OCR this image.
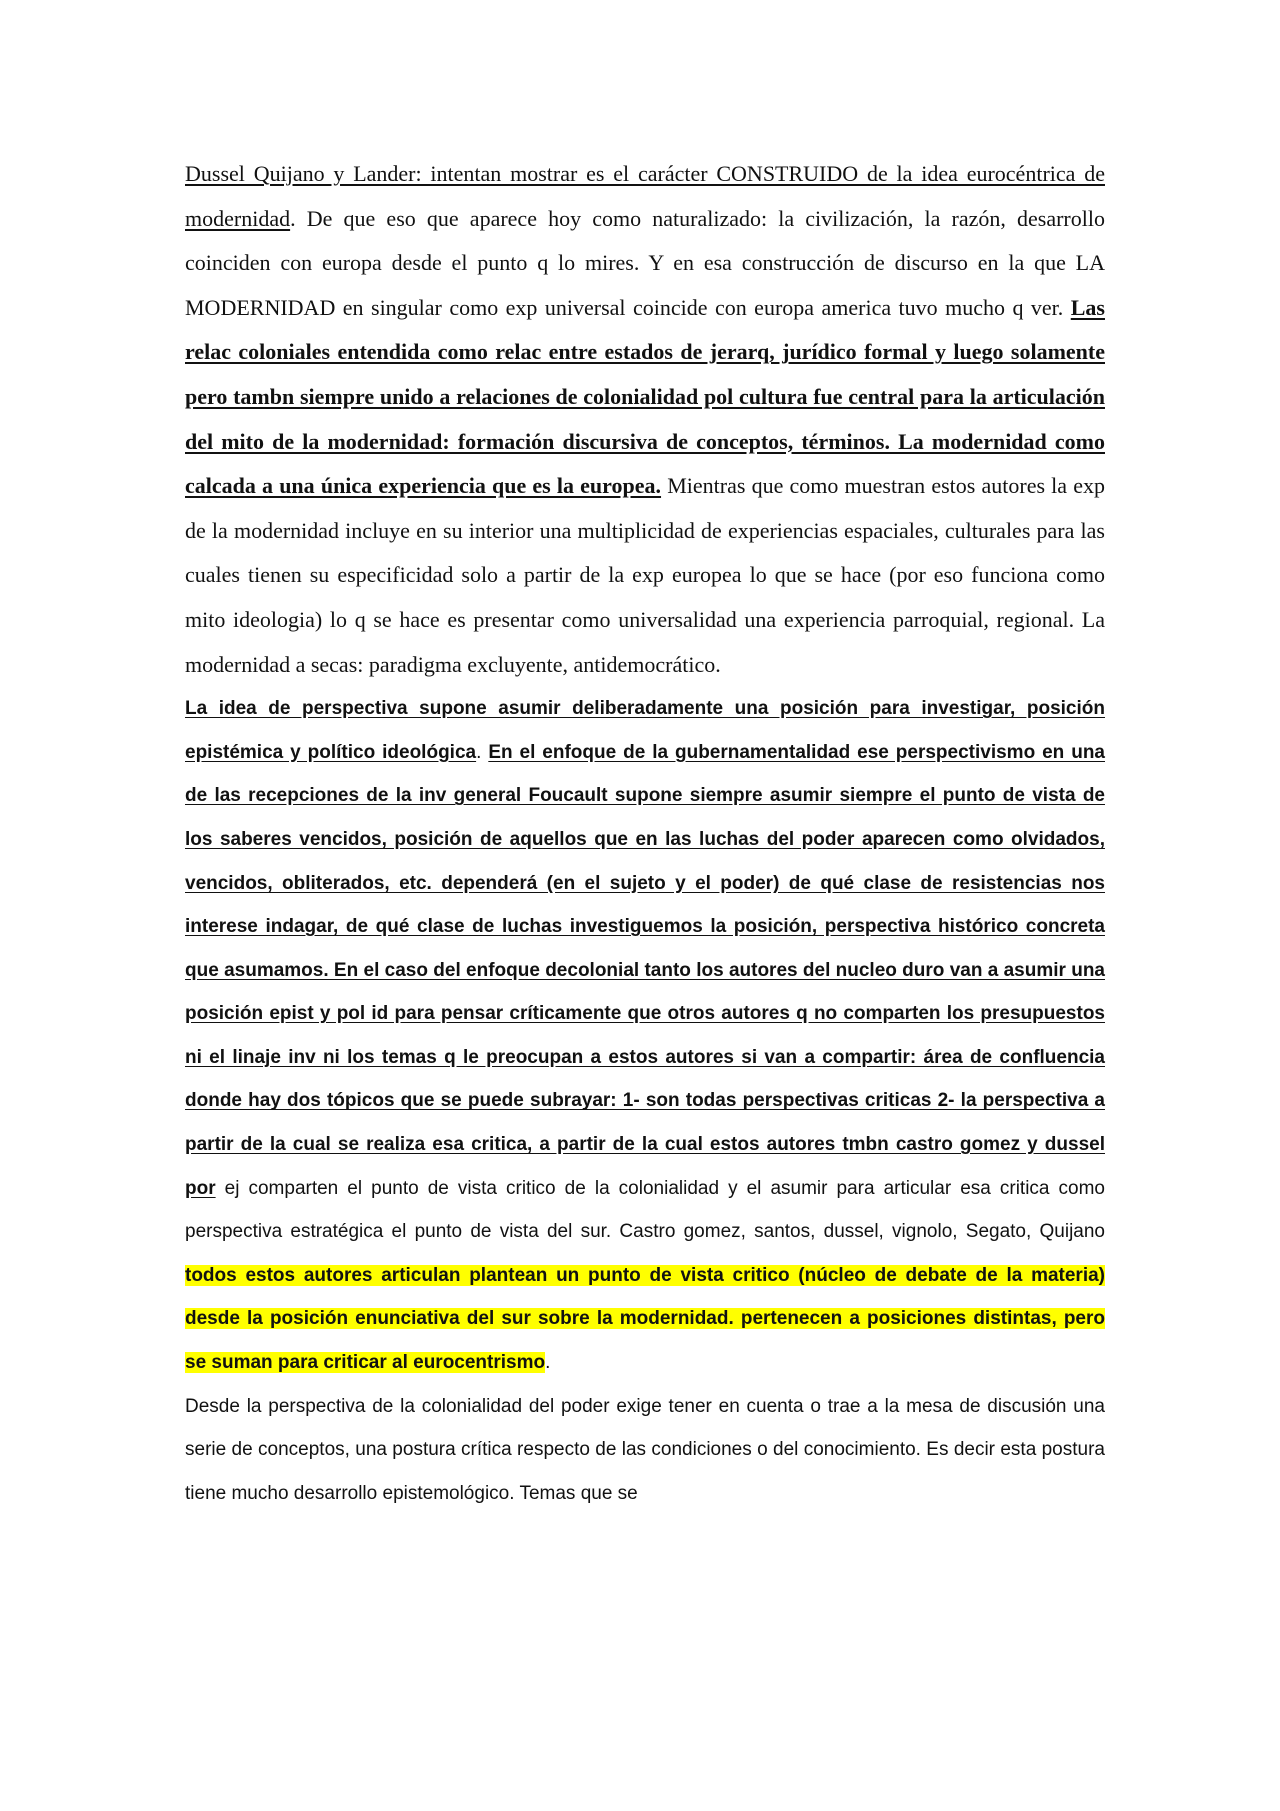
Dussel Quijano y Lander: intentan mostrar es el carácter CONSTRUIDO de la idea eurocéntrica de modernidad. De que eso que aparece hoy como naturalizado: la civilización, la razón, desarrollo coinciden con europa desde el punto q lo mires. Y en esa construcción de discurso en la que LA MODERNIDAD en singular como exp universal coincide con europa america tuvo mucho q ver. Las relac coloniales entendida como relac entre estados de jerarq, jurídico formal y luego solamente pero tambn siempre unido a relaciones de colonialidad pol cultura fue central para la articulación del mito de la modernidad: formación discursiva de conceptos, términos. La modernidad como calcada a una única experiencia que es la europea. Mientras que como muestran estos autores la exp de la modernidad incluye en su interior una multiplicidad de experiencias espaciales, culturales para las cuales tienen su especificidad solo a partir de la exp europea lo que se hace (por eso funciona como mito ideologia) lo q se hace es presentar como universalidad una experiencia parroquial, regional. La modernidad a secas: paradigma excluyente, antidemocrático.

La idea de perspectiva supone asumir deliberadamente una posición para investigar, posición epistémica y político ideológica. En el enfoque de la gubernamentalidad ese perspectivismo en una de las recepciones de la inv general Foucault supone siempre asumir siempre el punto de vista de los saberes vencidos, posición de aquellos que en las luchas del poder aparecen como olvidados, vencidos, obliterados, etc. dependerá (en el sujeto y el poder) de qué clase de resistencias nos interese indagar, de qué clase de luchas investiguemos la posición, perspectiva histórico concreta que asumamos. En el caso del enfoque decolonial tanto los autores del nucleo duro van a asumir una posición epist y pol id para pensar críticamente que otros autores q no comparten los presupuestos ni el linaje inv ni los temas q le preocupan a estos autores si van a compartir: área de confluencia donde hay dos tópicos que se puede subrayar: 1- son todas perspectivas criticas 2- la perspectiva a partir de la cual se realiza esa critica, a partir de la cual estos autores tmbn castro gomez y dussel por ej comparten el punto de vista critico de la colonialidad y el asumir para articular esa critica como perspectiva estratégica el punto de vista del sur. Castro gomez, santos, dussel, vignolo, Segato, Quijano todos estos autores articulan plantean un punto de vista critico (núcleo de debate de la materia) desde la posición enunciativa del sur sobre la modernidad. pertenecen a posiciones distintas, pero se suman para criticar al eurocentrismo.

Desde la perspectiva de la colonialidad del poder exige tener en cuenta o trae a la mesa de discusión una serie de conceptos, una postura crítica respecto de las condiciones o del conocimiento. Es decir esta postura tiene mucho desarrollo epistemológico. Temas que se
